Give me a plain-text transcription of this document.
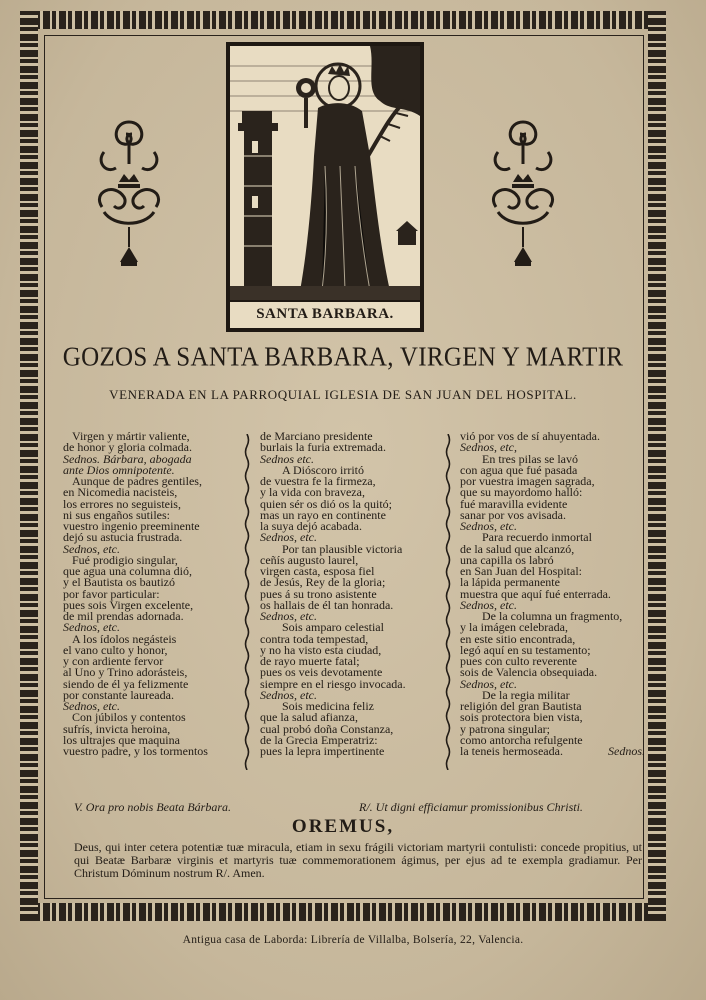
SANTA BARBARA.
GOZOS A SANTA BARBARA, VIRGEN Y MARTIR
VENERADA EN LA PARROQUIAL IGLESIA DE SAN JUAN DEL HOSPITAL.
Virgen y mártir valiente,
de honor y gloria colmada.
Sednos. Bárbara, abogada
ante Dios omnipotente.
Aunque de padres gentiles,
en Nicomedia nacisteis,
los errores no seguisteis,
ni sus engaños sutiles:
vuestro ingenio preeminente
dejó su astucia frustrada.
Sednos, etc.
Fué prodigio singular,
que agua una columna dió,
y el Bautista os bautizó
por favor particular:
pues sois Virgen excelente,
de mil prendas adornada.
Sednos, etc.
A los ídolos negásteis
el vano culto y honor,
y con ardiente fervor
al Uno y Trino adorásteis,
siendo de él ya felizmente
por constante laureada.
Sednos, etc.
Con júbilos y contentos
sufrís, invicta heroina,
los ultrajes que maquina
vuestro padre, y los tormentos
de Marciano presidente
burlais la furia extremada.
Sednos etc.
A Dióscoro irritó
de vuestra fe la firmeza,
y la vida con braveza,
quien sér os dió os la quitó;
mas un rayo en continente
la suya dejó acabada.
Sednos, etc.
Por tan plausible victoria
ceñís augusto laurel,
virgen casta, esposa fiel
de Jesús, Rey de la gloria;
pues á su trono asistente
os hallais de él tan honrada.
Sednos, etc.
Sois amparo celestial
contra toda tempestad,
y no ha visto esta ciudad,
de rayo muerte fatal;
pues os veis devotamente
siempre en el riesgo invocada.
Sednos, etc.
Sois medicina feliz
que la salud afianza,
cual probó doña Constanza,
de la Grecia Emperatriz:
pues la lepra impertinente
vió por vos de sí ahuyentada.
Sednos, etc,
En tres pilas se lavó
con agua que fué pasada
por vuestra imagen sagrada,
que su mayordomo halló:
fué maravilla evidente
sanar por vos avisada.
Sednos, etc.
Para recuerdo inmortal
de la salud que alcanzó,
una capilla os labró
en San Juan del Hospital:
la lápida permanente
muestra que aquí fué enterrada.
Sednos, etc.
De la columna un fragmento,
y la imágen celebrada,
en este sitio encontrada,
legó aquí en su testamento;
pues con culto reverente
sois de Valencia obsequiada.
Sednos, etc.
De la regia militar
religión del gran Bautista
sois protectora bien vista,
y patrona singular;
como antorcha refulgente
la teneis hermoseada.	Sednos.
V. Ora pro nobis Beata Bárbara.	R/. Ut digni efficiamur promissionibus Christi.
OREMUS,
Deus, qui inter cetera potentiæ tuæ miracula, etiam in sexu frágili victoriam martyrii contulisti: concede propitius, ut qui Beatæ Barbaræ virginis et martyris tuæ commemorationem ágimus, per ejus ad te exempla gradiamur. Per Christum Dóminum nostrum R/. Amen.
Antigua casa de Laborda: Librería de Villalba, Bolsería, 22, Valencia.
